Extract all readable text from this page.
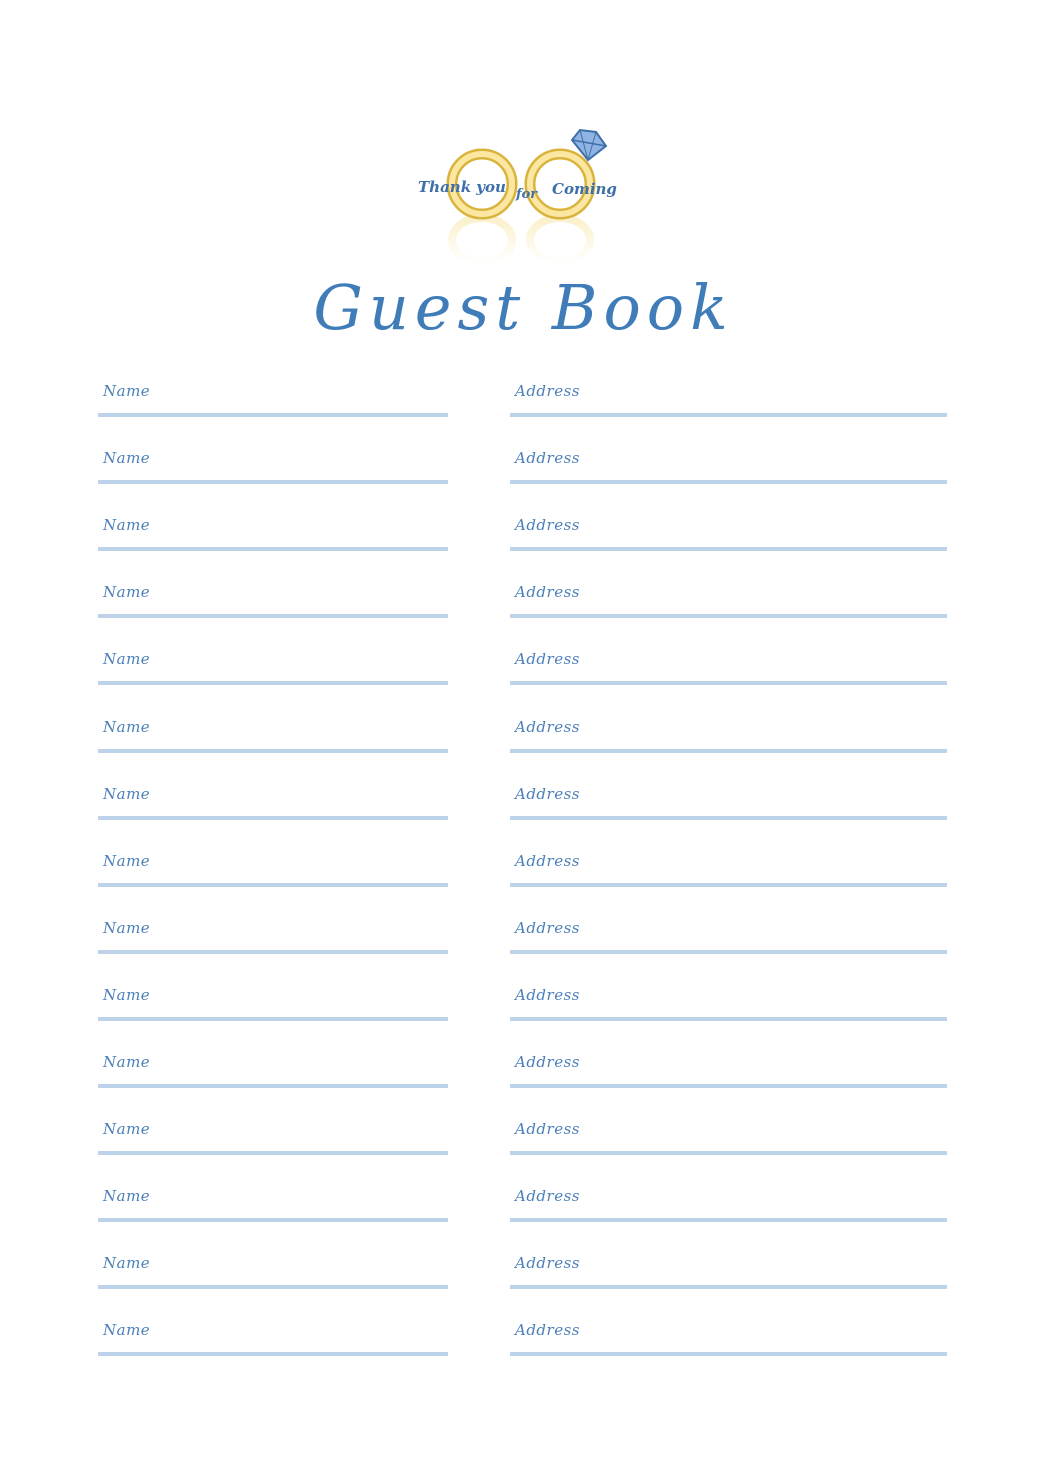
Thank you for Coming
Guest Book
Name	Address
Name	Address
Name	Address
Name	Address
Name	Address
Name	Address
Name	Address
Name	Address
Name	Address
Name	Address
Name	Address
Name	Address
Name	Address
Name	Address
Name	Address
